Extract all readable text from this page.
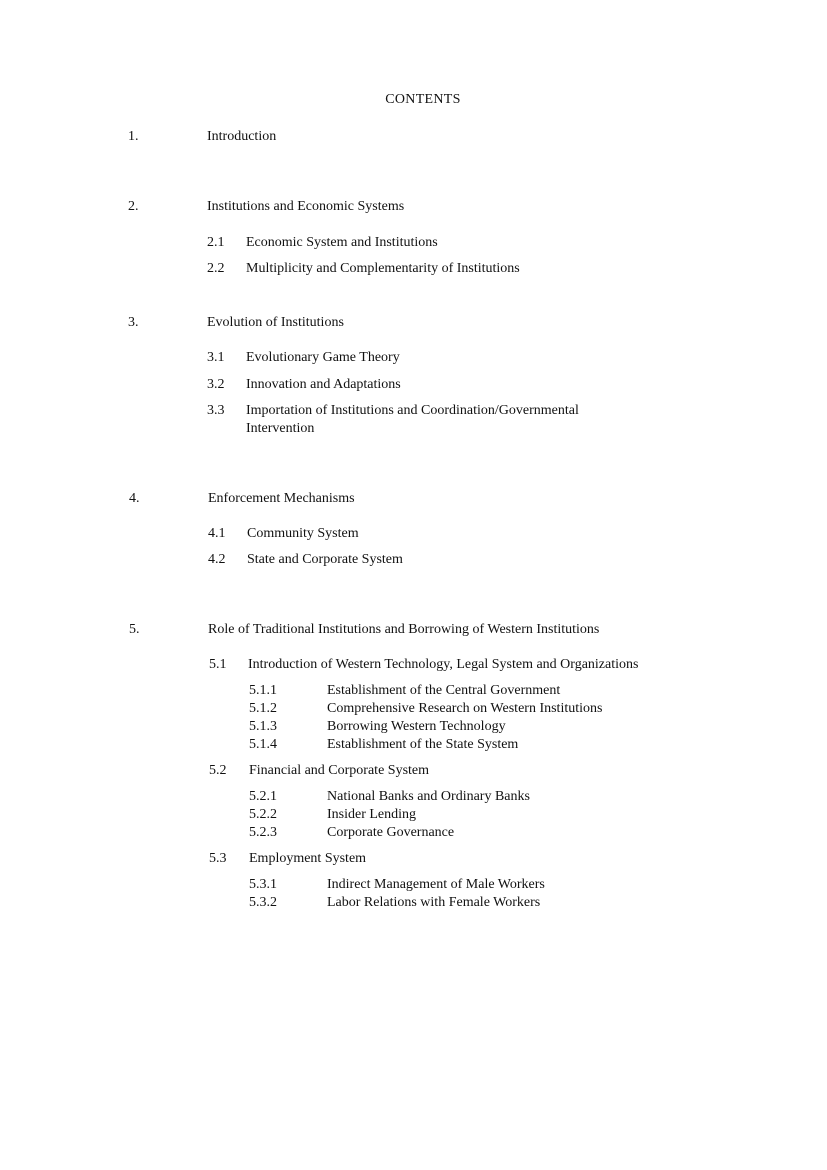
CONTENTS
1.	Introduction
2.	Institutions and Economic Systems
2.1 Economic System and Institutions
2.2 Multiplicity and Complementarity of Institutions
3.	Evolution of Institutions
3.1 Evolutionary Game Theory
3.2 Innovation and Adaptations
3.3 Importation of Institutions and Coordination/Governmental
Intervention
4.	Enforcement Mechanisms
4.1 Community System
4.2 State and Corporate System
5.	Role of Traditional Institutions and Borrowing of Western Institutions
5.1 Introduction of Western Technology, Legal System and Organizations
5.1.1	Establishment of the Central Government
5.1.2	Comprehensive Research on Western Institutions
5.1.3	Borrowing Western Technology
5.1.4	Establishment of the State System
5.2 Financial and Corporate System
5.2.1	National Banks and Ordinary Banks
5.2.2	Insider Lending
5.2.3	Corporate Governance
5.3 Employment System
5.3.1	Indirect Management of Male Workers
5.3.2	Labor Relations with Female Workers
